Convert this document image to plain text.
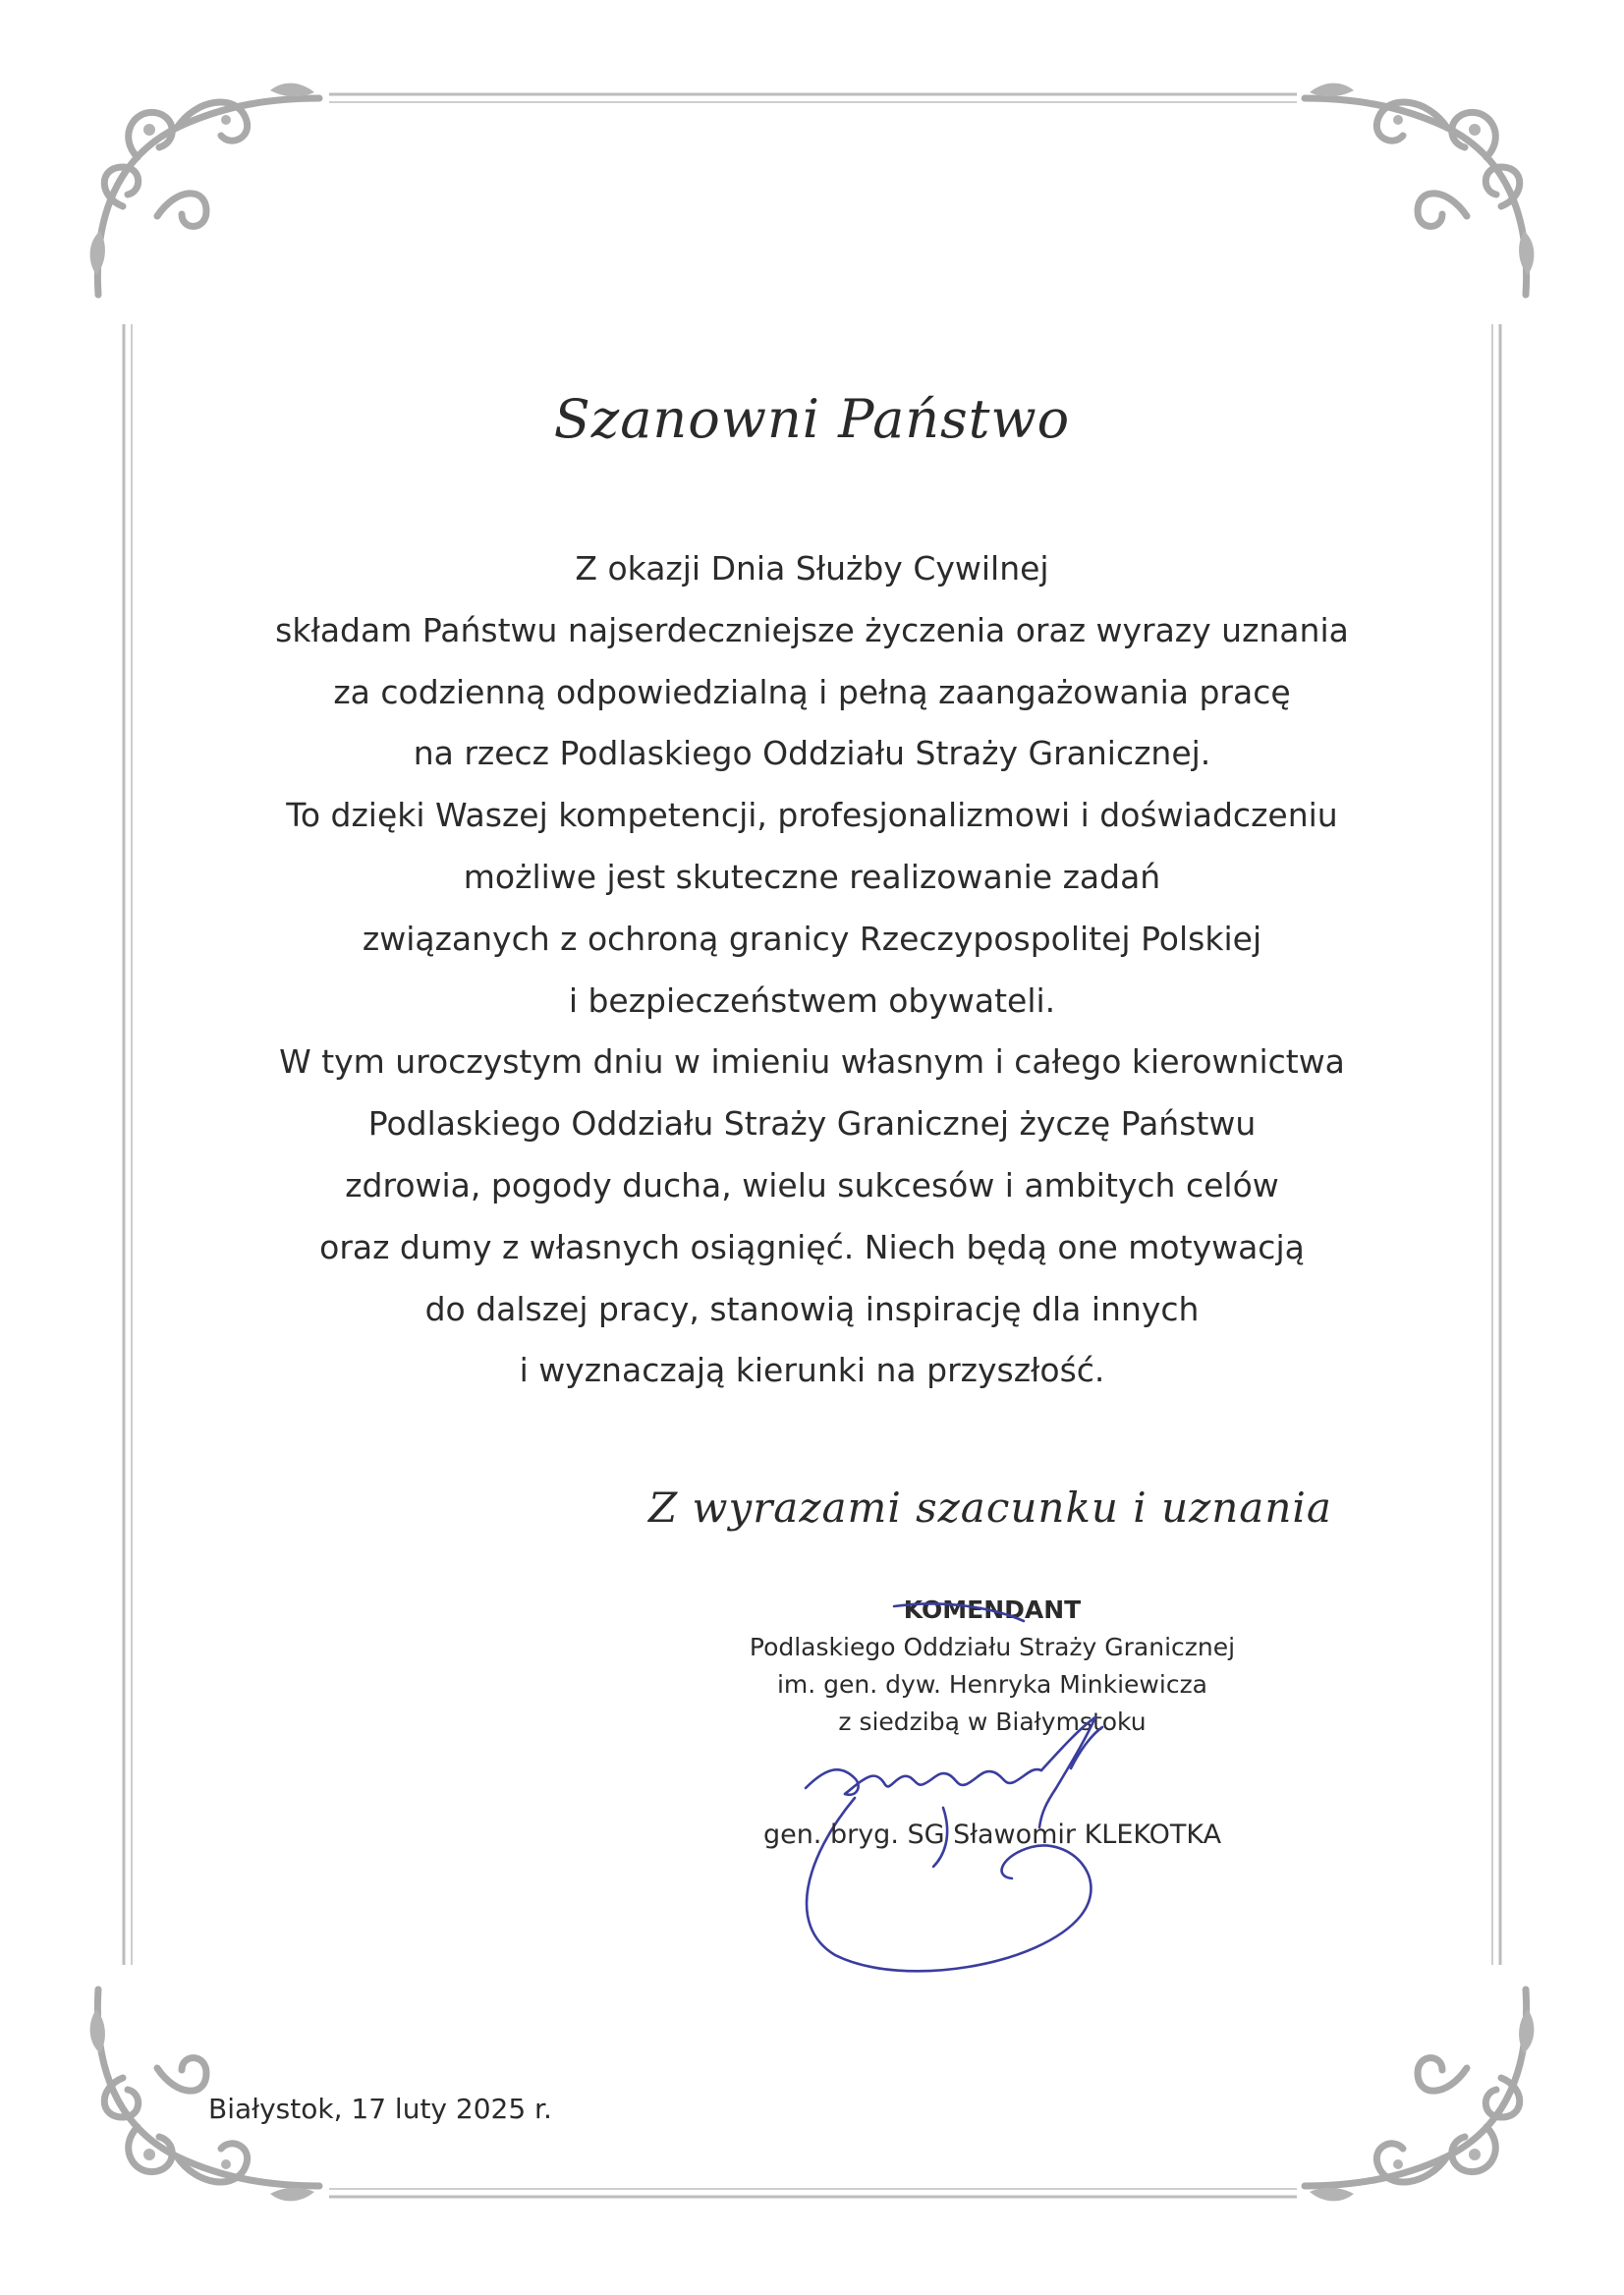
Szanowni Państwo

Z okazji Dnia Służby Cywilnej
składam Państwu najserdeczniejsze życzenia oraz wyrazy uznania
za codzienną odpowiedzialną i pełną zaangażowania pracę
na rzecz Podlaskiego Oddziału Straży Granicznej.
To dzięki Waszej kompetencji, profesjonalizmowi i doświadczeniu
możliwe jest skuteczne realizowanie zadań
związanych z ochroną granicy Rzeczypospolitej Polskiej
i bezpieczeństwem obywateli.
W tym uroczystym dniu w imieniu własnym i całego kierownictwa
Podlaskiego Oddziału Straży Granicznej życzę Państwu
zdrowia, pogody ducha, wielu sukcesów i ambitych celów
oraz dumy z własnych osiągnięć. Niech będą one motywacją
do dalszej pracy, stanowią inspirację dla innych
i wyznaczają kierunki na przyszłość.

Z wyrazami szacunku i uznania
KOMENDANT
Podlaskiego Oddziału Straży Granicznej
im. gen. dyw. Henryka Minkiewicza
z siedzibą w Białymstoku
gen. bryg. SG Sławomir KLEKOTKA
Białystok, 17 luty 2025 r.
